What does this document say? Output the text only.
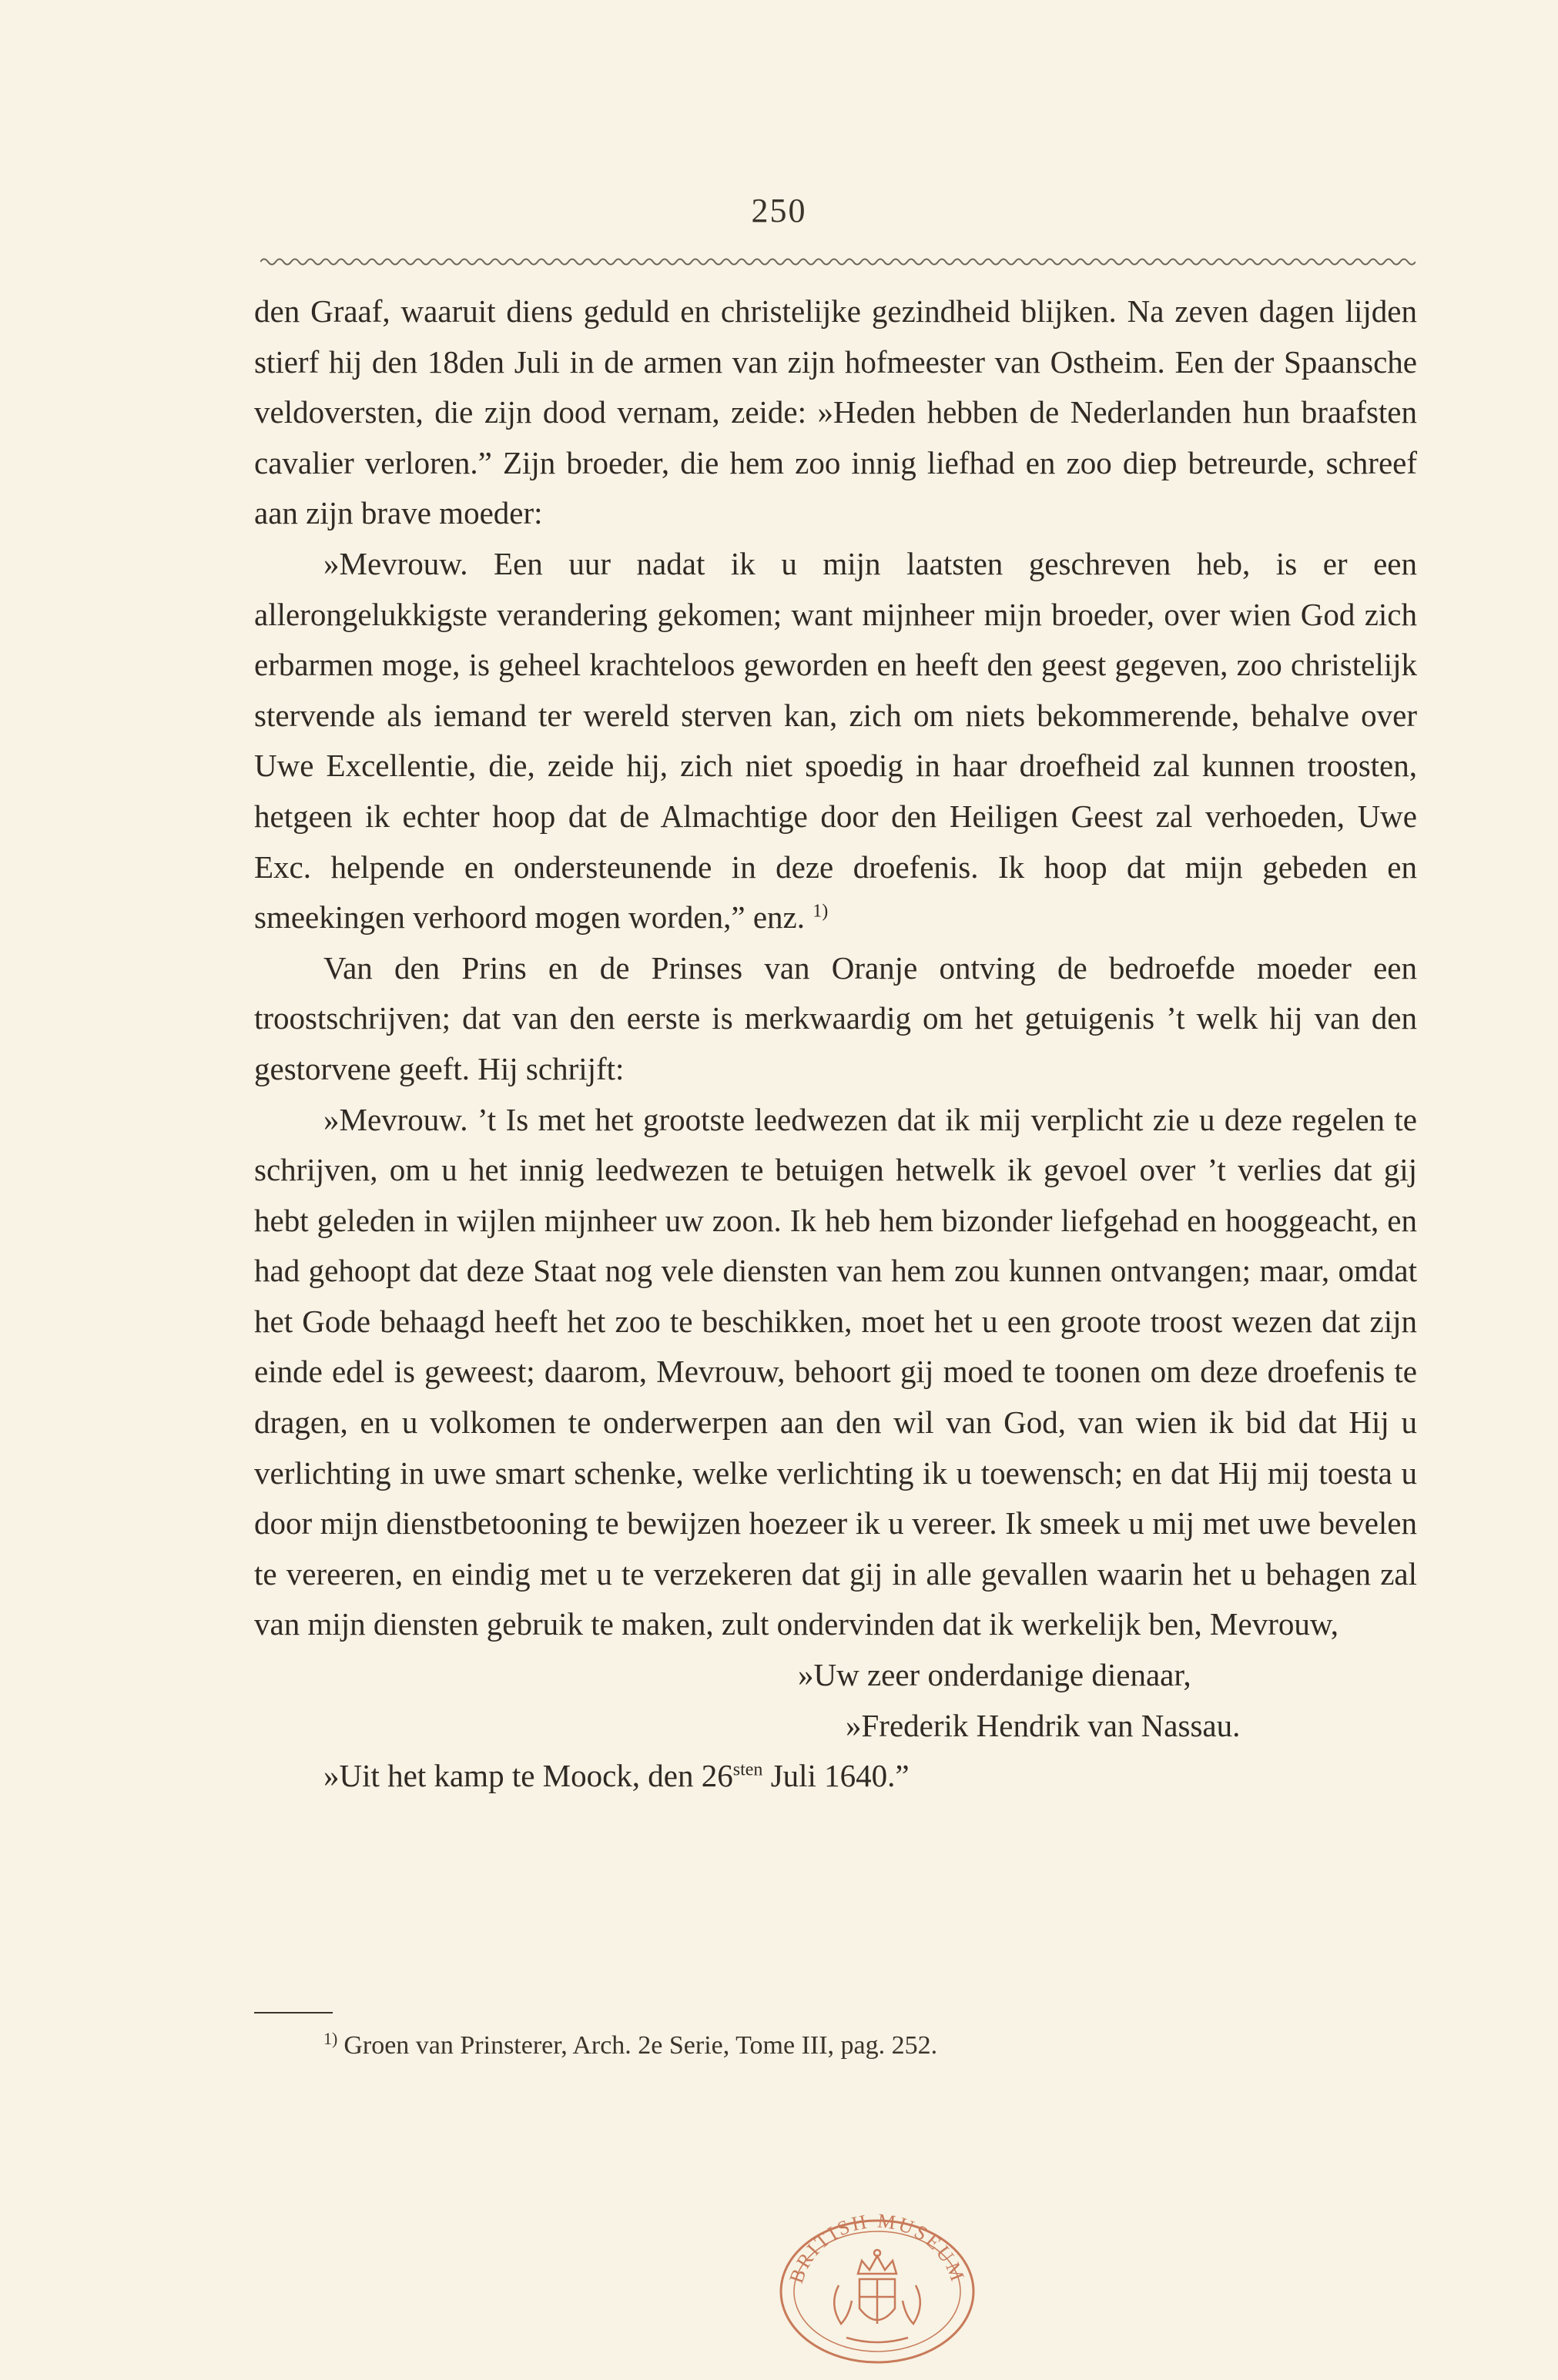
250

den Graaf, waaruit diens geduld en christelijke gezindheid blijken. Na zeven dagen lijden stierf hij den 18den Juli in de armen van zijn hofmeester van Ostheim. Een der Spaansche veldoversten, die zijn dood vernam, zeide: »Heden hebben de Nederlanden hun braafsten cavalier verloren.” Zijn broeder, die hem zoo innig liefhad en zoo diep betreurde, schreef aan zijn brave moeder:

»Mevrouw. Een uur nadat ik u mijn laatsten geschreven heb, is er een allerongelukkigste verandering gekomen; want mijnheer mijn broeder, over wien God zich erbarmen moge, is geheel krachteloos geworden en heeft den geest gegeven, zoo christelijk stervende als iemand ter wereld sterven kan, zich om niets bekommerende, behalve over Uwe Excellentie, die, zeide hij, zich niet spoedig in haar droefheid zal kunnen troosten, hetgeen ik echter hoop dat de Almachtige door den Heiligen Geest zal verhoeden, Uwe Exc. helpende en ondersteunende in deze droefenis. Ik hoop dat mijn gebeden en smeekingen verhoord mogen worden,” enz. $^{1)}$

Van den Prins en de Prinses van Oranje ontving de bedroefde moeder een troostschrijven; dat van den eerste is merkwaardig om het getuigenis ’t welk hij van den gestorvene geeft. Hij schrijft:

»Mevrouw. ’t Is met het grootste leedwezen dat ik mij verplicht zie u deze regelen te schrijven, om u het innig leedwezen te betuigen hetwelk ik gevoel over ’t verlies dat gij hebt geleden in wijlen mijnheer uw zoon. Ik heb hem bizonder liefgehad en hooggeacht, en had gehoopt dat deze Staat nog vele diensten van hem zou kunnen ontvangen; maar, omdat het Gode behaagd heeft het zoo te beschikken, moet het u een groote troost wezen dat zijn einde edel is geweest; daarom, Mevrouw, behoort gij moed te toonen om deze droefenis te dragen, en u volkomen te onderwerpen aan den wil van God, van wien ik bid dat Hij u verlichting in uwe smart schenke, welke verlichting ik u toewensch; en dat Hij mij toesta u door mijn dienstbetooning te bewijzen hoezeer ik u vereer. Ik smeek u mij met uwe bevelen te vereeren, en eindig met u te verzekeren dat gij in alle gevallen waarin het u behagen zal van mijn diensten gebruik te maken, zult ondervinden dat ik werkelijk ben, Mevrouw,

»Uw zeer onderdanige dienaar,

»Frederik Hendrik van Nassau.

»Uit het kamp te Moock, den $26^{sten}$ Juli 1640.”

$^{1)}$ Groen van Prinsterer, Arch. 2e Serie, Tome III, pag. 252.
BRITISH MUSEUM
